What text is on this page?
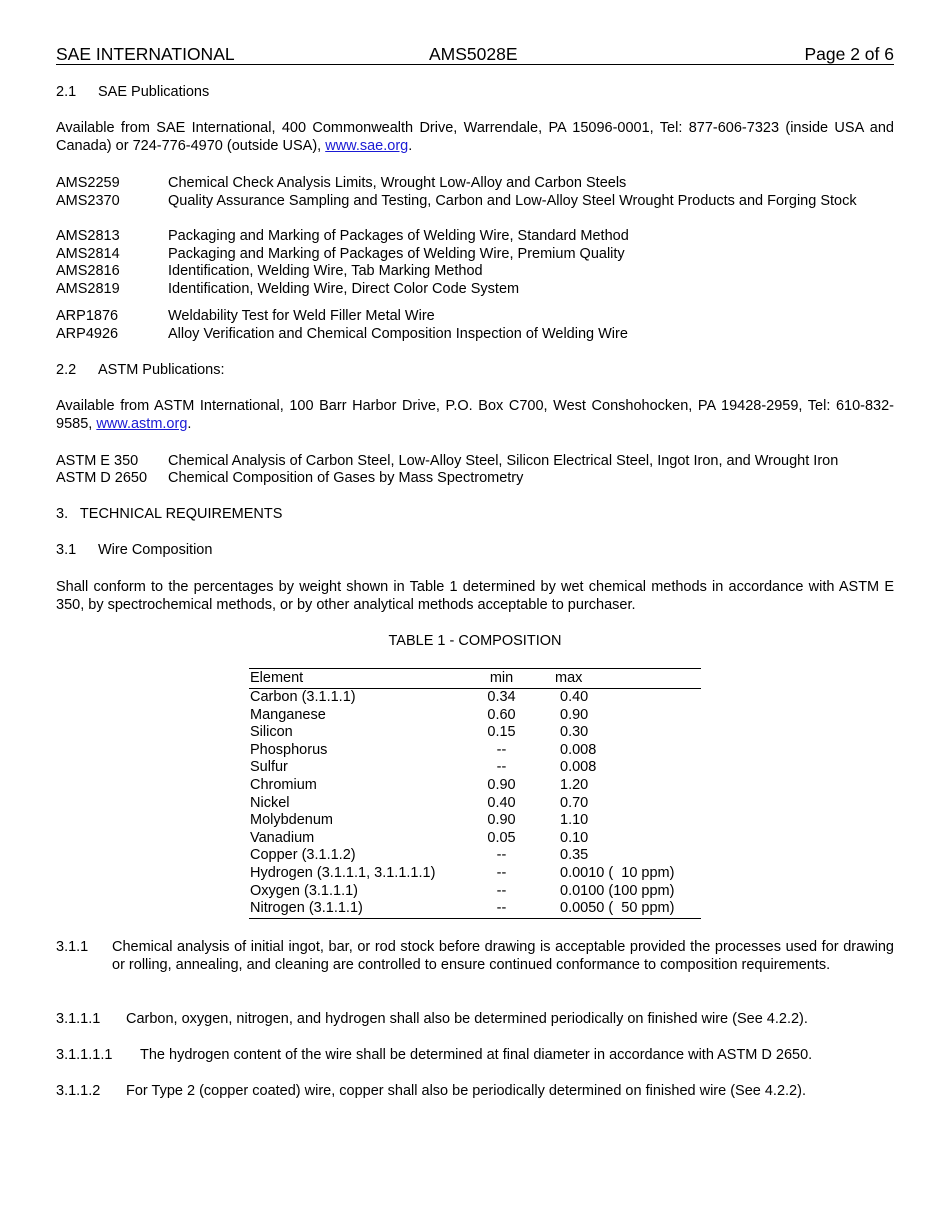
SAE INTERNATIONAL	AMS5028E	Page 2 of 6
2.1 SAE Publications
Available from SAE International, 400 Commonwealth Drive, Warrendale, PA 15096-0001, Tel: 877-606-7323 (inside USA and Canada) or 724-776-4970 (outside USA), www.sae.org.
AMS2259	Chemical Check Analysis Limits, Wrought Low-Alloy and Carbon Steels
AMS2370	Quality Assurance Sampling and Testing, Carbon and Low-Alloy Steel Wrought Products and Forging Stock
AMS2813	Packaging and Marking of Packages of Welding Wire, Standard Method
AMS2814	Packaging and Marking of Packages of Welding Wire, Premium Quality
AMS2816	Identification, Welding Wire, Tab Marking Method
AMS2819	Identification, Welding Wire, Direct Color Code System
ARP1876	Weldability Test for Weld Filler Metal Wire
ARP4926	Alloy Verification and Chemical Composition Inspection of Welding Wire
2.2 ASTM Publications:
Available from ASTM International, 100 Barr Harbor Drive, P.O. Box C700, West Conshohocken, PA 19428-2959, Tel: 610-832-9585, www.astm.org.
ASTM E 350 Chemical Analysis of Carbon Steel, Low-Alloy Steel, Silicon Electrical Steel, Ingot Iron, and Wrought Iron
ASTM D 2650 Chemical Composition of Gases by Mass Spectrometry
3.   TECHNICAL REQUIREMENTS
3.1 Wire Composition
Shall conform to the percentages by weight shown in Table 1 determined by wet chemical methods in accordance with ASTM E 350, by spectrochemical methods, or by other analytical methods acceptable to purchaser.
TABLE 1 - COMPOSITION
Element	min	max
Carbon (3.1.1.1)	0.34	0.40
Manganese	0.60	0.90
Silicon	0.15	0.30
Phosphorus	--	0.008
Sulfur	--	0.008
Chromium	0.90	1.20
Nickel	0.40	0.70
Molybdenum	0.90	1.10
Vanadium	0.05	0.10
Copper (3.1.1.2)	--	0.35
Hydrogen (3.1.1.1, 3.1.1.1.1)	--	0.0010 (  10 ppm)
Oxygen (3.1.1.1)	--	0.0100 (100 ppm)
Nitrogen (3.1.1.1)	--	0.0050 (  50 ppm)
3.1.1 Chemical analysis of initial ingot, bar, or rod stock before drawing is acceptable provided the processes used for drawing or rolling, annealing, and cleaning are controlled to ensure continued conformance to composition requirements.
3.1.1.1 Carbon, oxygen, nitrogen, and hydrogen shall also be determined periodically on finished wire (See 4.2.2).
3.1.1.1.1 The hydrogen content of the wire shall be determined at final diameter in accordance with ASTM D 2650.
3.1.1.2 For Type 2 (copper coated) wire, copper shall also be periodically determined on finished wire (See 4.2.2).
